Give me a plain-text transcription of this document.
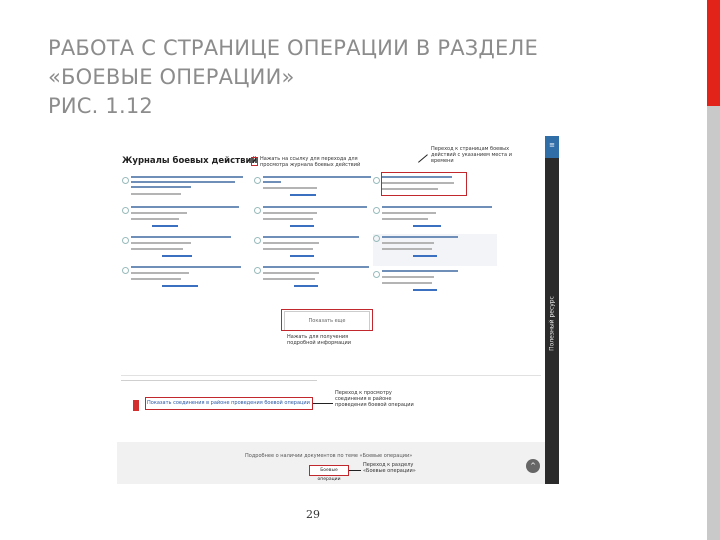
РАБОТА С СТРАНИЦЕ ОПЕРАЦИИ В РАЗДЕЛЕ
«БОЕВЫЕ ОПЕРАЦИИ»
РИС. 1.12
Журналы боевых действий Нажать на ссылку для перехода для просмотра журнала боевых действий
Переход к страницам боевых действий с указанием места и времени
Показать еще
Нажать для получения подробной информации
Показать соединения в районе проведения боевой операции
Переход к просмотру соединения в районе проведения боевой операции
Подробнее о наличии документов по теме «Боевые операции»
Боевые операции
Переход к разделу «Боевые операции»
^
≡
Полезный ресурс
29
